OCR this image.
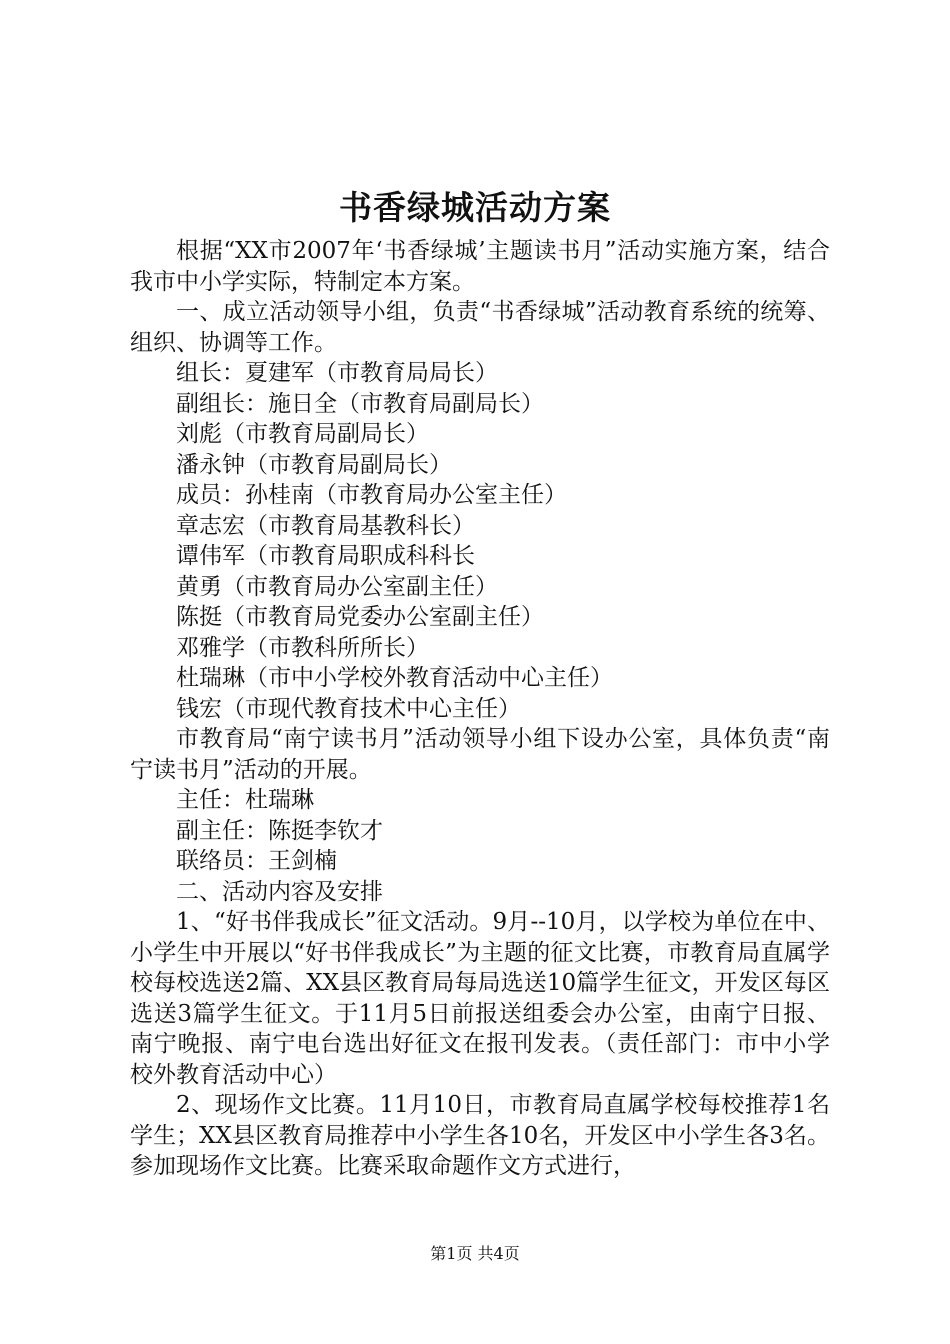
书香绿城活动方案

根据“XX市2007年‘书香绿城’主题读书月”活动实施方案，结合我市中小学实际，特制定本方案。

一、成立活动领导小组，负责“书香绿城”活动教育系统的统筹、组织、协调等工作。

组长：夏建军（市教育局局长）

副组长：施日全（市教育局副局长）

刘彪（市教育局副局长）

潘永钟（市教育局副局长）

成员：孙桂南（市教育局办公室主任）

章志宏（市教育局基教科长）

谭伟军（市教育局职成科科长

黄勇（市教育局办公室副主任）

陈挺（市教育局党委办公室副主任）

邓雅学（市教科所所长）

杜瑞琳（市中小学校外教育活动中心主任）

钱宏（市现代教育技术中心主任）

市教育局“南宁读书月”活动领导小组下设办公室，具体负责“南宁读书月”活动的开展。

主任：杜瑞琳

副主任：陈挺李钦才

联络员：王剑楠

二、活动内容及安排

1、“好书伴我成长”征文活动。9月--10月，以学校为单位在中、小学生中开展以“好书伴我成长”为主题的征文比赛，市教育局直属学校每校选送2篇、XX县区教育局每局选送10篇学生征文，开发区每区选送3篇学生征文。于11月5日前报送组委会办公室，由南宁日报、南宁晚报、南宁电台选出好征文在报刊发表。（责任部门：市中小学校外教育活动中心）

2、现场作文比赛。11月10日，市教育局直属学校每校推荐1名学生；XX县区教育局推荐中小学生各10名，开发区中小学生各3名。参加现场作文比赛。比赛采取命题作文方式进行，

第1页 共4页
